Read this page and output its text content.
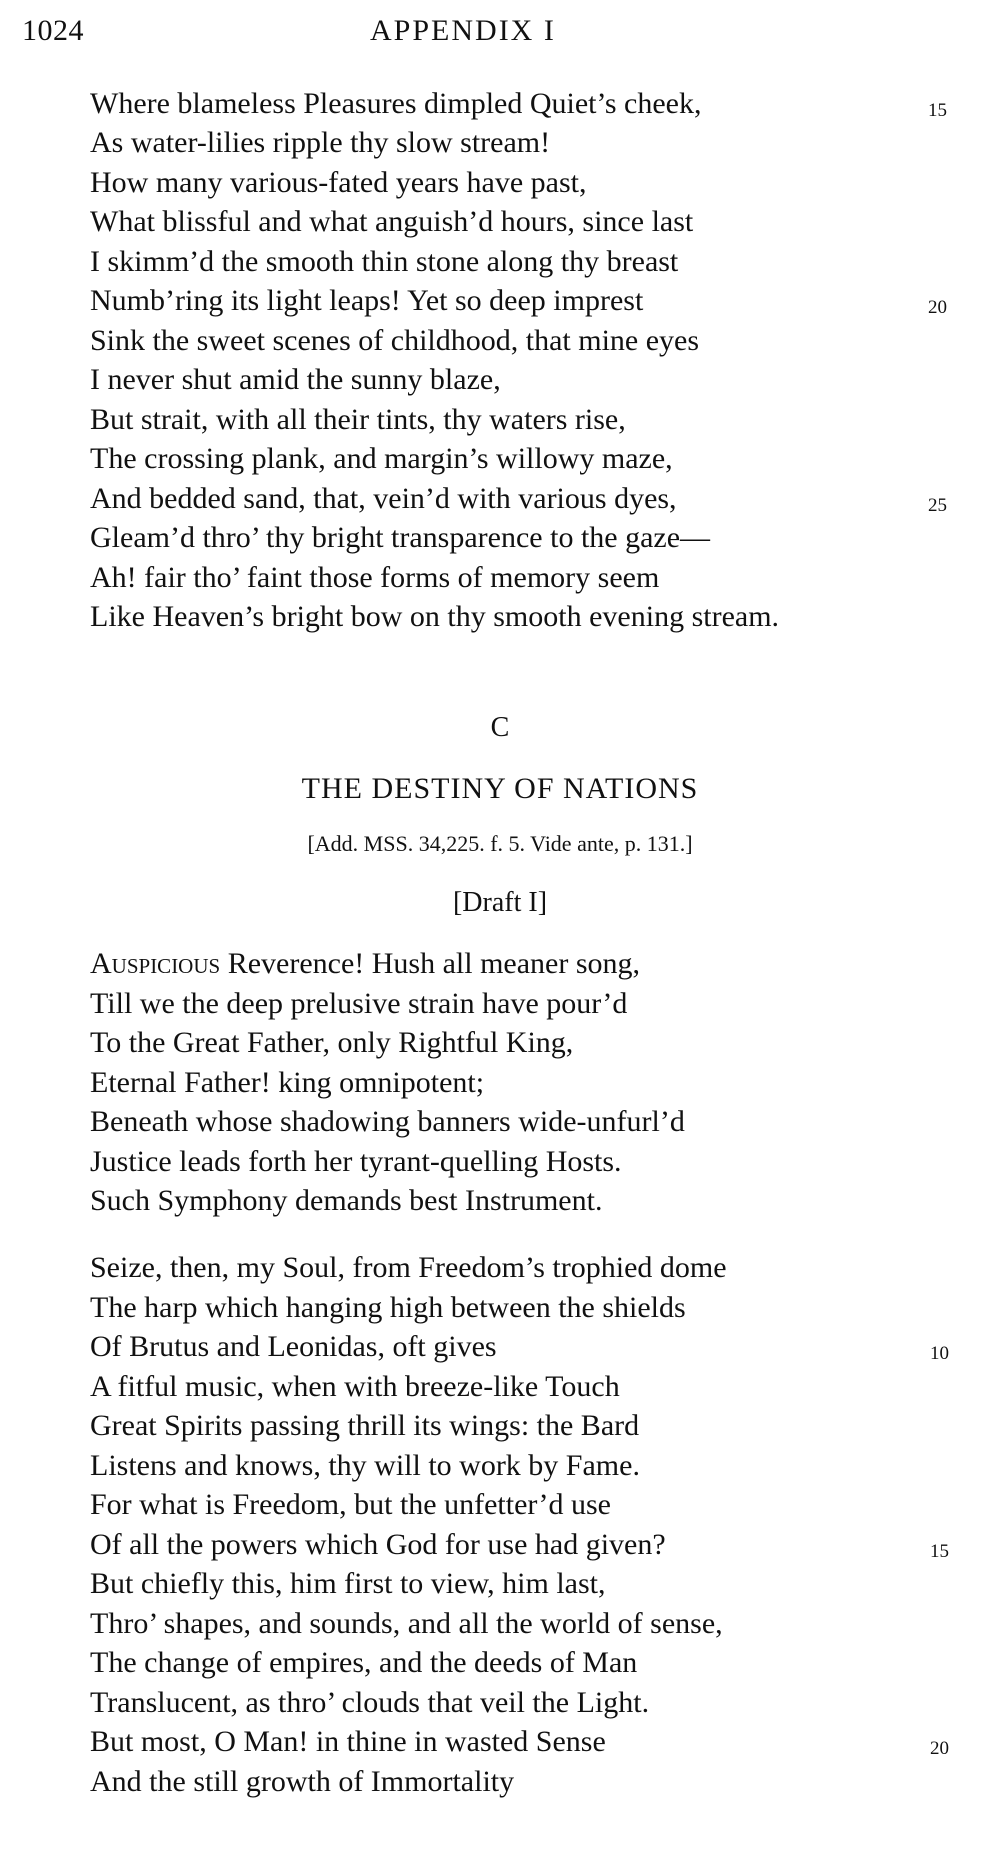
1024	APPENDIX I
Where blameless Pleasures dimpled Quiet’s cheek,
As water-lilies ripple thy slow stream!
How many various-fated years have past,
What blissful and what anguish’d hours, since last
I skimm’d the smooth thin stone along thy breast
Numb’ring its light leaps! Yet so deep imprest
Sink the sweet scenes of childhood, that mine eyes
I never shut amid the sunny blaze,
But strait, with all their tints, thy waters rise,
The crossing plank, and margin’s willowy maze,
And bedded sand, that, vein’d with various dyes,
Gleam’d thro’ thy bright transparence to the gaze—
Ah! fair tho’ faint those forms of memory seem
Like Heaven’s bright bow on thy smooth evening stream.
15
20
25
C
THE DESTINY OF NATIONS
[Add. MSS. 34,225. f. 5. Vide ante, p. 131.]
[Draft I]
Auspicious Reverence! Hush all meaner song,
Till we the deep prelusive strain have pour’d
To the Great Father, only Rightful King,
Eternal Father! king omnipotent;
Beneath whose shadowing banners wide-unfurl’d
Justice leads forth her tyrant-quelling Hosts.
Such Symphony demands best Instrument.
Seize, then, my Soul, from Freedom’s trophied dome
The harp which hanging high between the shields
Of Brutus and Leonidas, oft gives
A fitful music, when with breeze-like Touch
Great Spirits passing thrill its wings: the Bard
Listens and knows, thy will to work by Fame.
For what is Freedom, but the unfetter’d use
Of all the powers which God for use had given?
But chiefly this, him first to view, him last,
Thro’ shapes, and sounds, and all the world of sense,
The change of empires, and the deeds of Man
Translucent, as thro’ clouds that veil the Light.
But most, O Man! in thine in wasted Sense
And the still growth of Immortality
10
15
20
